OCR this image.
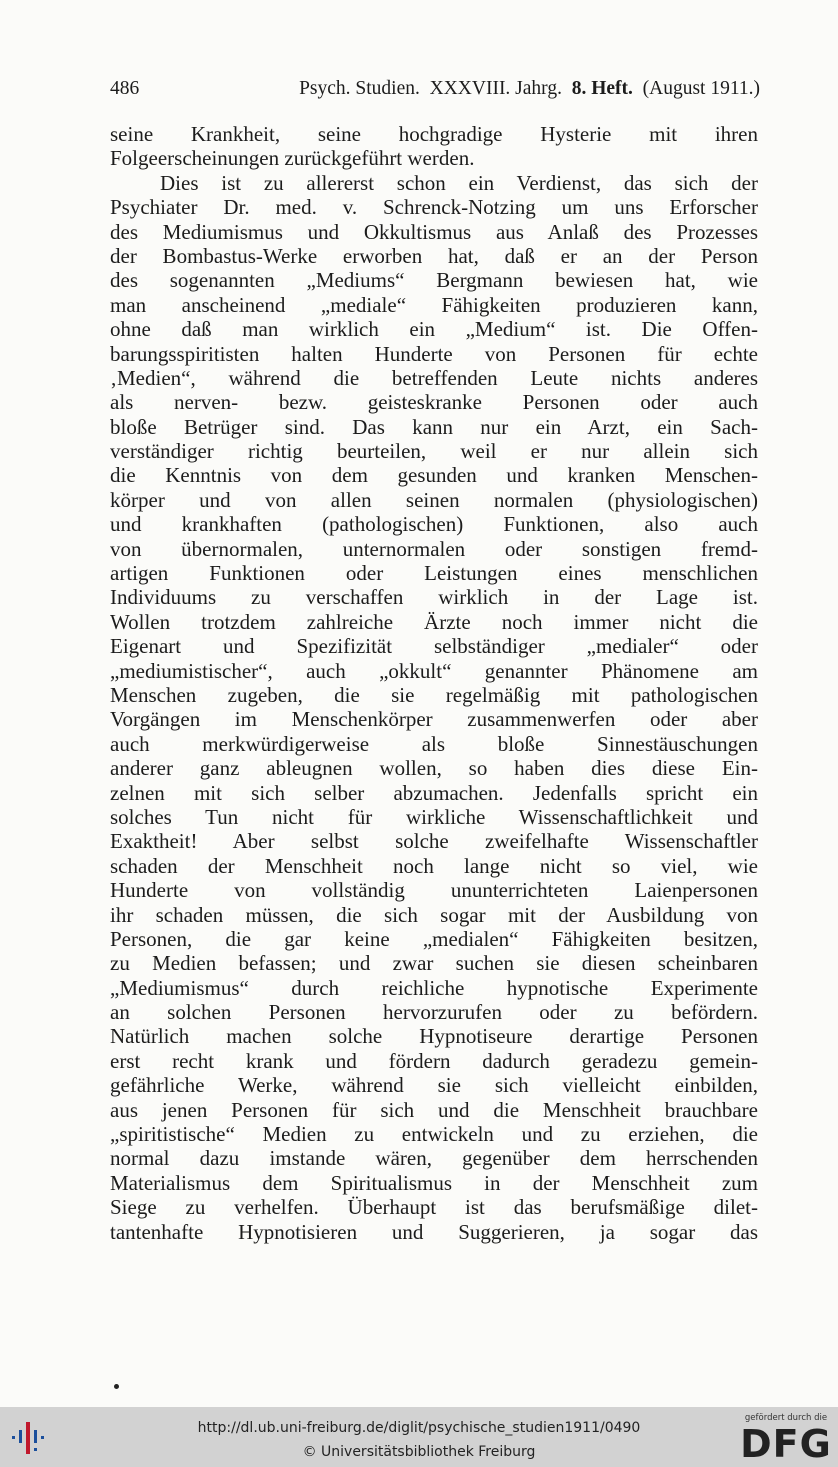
486	Psych. Studien. XXXVIII. Jahrg. 8. Heft. (August 1911.)
seine Krankheit, seine hochgradige Hysterie mit ihren
Folgeerscheinungen zurückgeführt werden.
Dies ist zu allererst schon ein Verdienst, das sich der
Psychiater Dr. med. v. Schrenck-Notzing um uns Erforscher
des Mediumismus und Okkultismus aus Anlaß des Prozesses
der Bombastus-Werke erworben hat, daß er an der Person
des sogenannten „Mediums“ Bergmann bewiesen hat, wie
man anscheinend „mediale“ Fähigkeiten produzieren kann,
ohne daß man wirklich ein „Medium“ ist. Die Offen-
barungsspiritisten halten Hunderte von Personen für echte
‚Medien“, während die betreffenden Leute nichts anderes
als nerven- bezw. geisteskranke Personen oder auch
bloße Betrüger sind. Das kann nur ein Arzt, ein Sach-
verständiger richtig beurteilen, weil er nur allein sich
die Kenntnis von dem gesunden und kranken Menschen-
körper und von allen seinen normalen (physiologischen)
und krankhaften (pathologischen) Funktionen, also auch
von übernormalen, unternormalen oder sonstigen fremd-
artigen Funktionen oder Leistungen eines menschlichen
Individuums zu verschaffen wirklich in der Lage ist.
Wollen trotzdem zahlreiche Ärzte noch immer nicht die
Eigenart und Spezifizität selbständiger „medialer“ oder
„mediumistischer“, auch „okkult“ genannter Phänomene am
Menschen zugeben, die sie regelmäßig mit pathologischen
Vorgängen im Menschenkörper zusammenwerfen oder aber
auch merkwürdigerweise als bloße Sinnestäuschungen
anderer ganz ableugnen wollen, so haben dies diese Ein-
zelnen mit sich selber abzumachen. Jedenfalls spricht ein
solches Tun nicht für wirkliche Wissenschaftlichkeit und
Exaktheit! Aber selbst solche zweifelhafte Wissenschaftler
schaden der Menschheit noch lange nicht so viel, wie
Hunderte von vollständig ununterrichteten Laienpersonen
ihr schaden müssen, die sich sogar mit der Ausbildung von
Personen, die gar keine „medialen“ Fähigkeiten besitzen,
zu Medien befassen; und zwar suchen sie diesen scheinbaren
„Mediumismus“ durch reichliche hypnotische Experimente
an solchen Personen hervorzurufen oder zu befördern.
Natürlich machen solche Hypnotiseure derartige Personen
erst recht krank und fördern dadurch geradezu gemein-
gefährliche Werke, während sie sich vielleicht einbilden,
aus jenen Personen für sich und die Menschheit brauchbare
„spiritistische“ Medien zu entwickeln und zu erziehen, die
normal dazu imstande wären, gegenüber dem herrschenden
Materialismus dem Spiritualismus in der Menschheit zum
Siege zu verhelfen. Überhaupt ist das berufsmäßige dilet-
tantenhafte Hypnotisieren und Suggerieren, ja sogar das
http://dl.ub.uni-freiburg.de/diglit/psychische_studien1911/0490
© Universitätsbibliothek Freiburg
gefördert durch die
DFG
